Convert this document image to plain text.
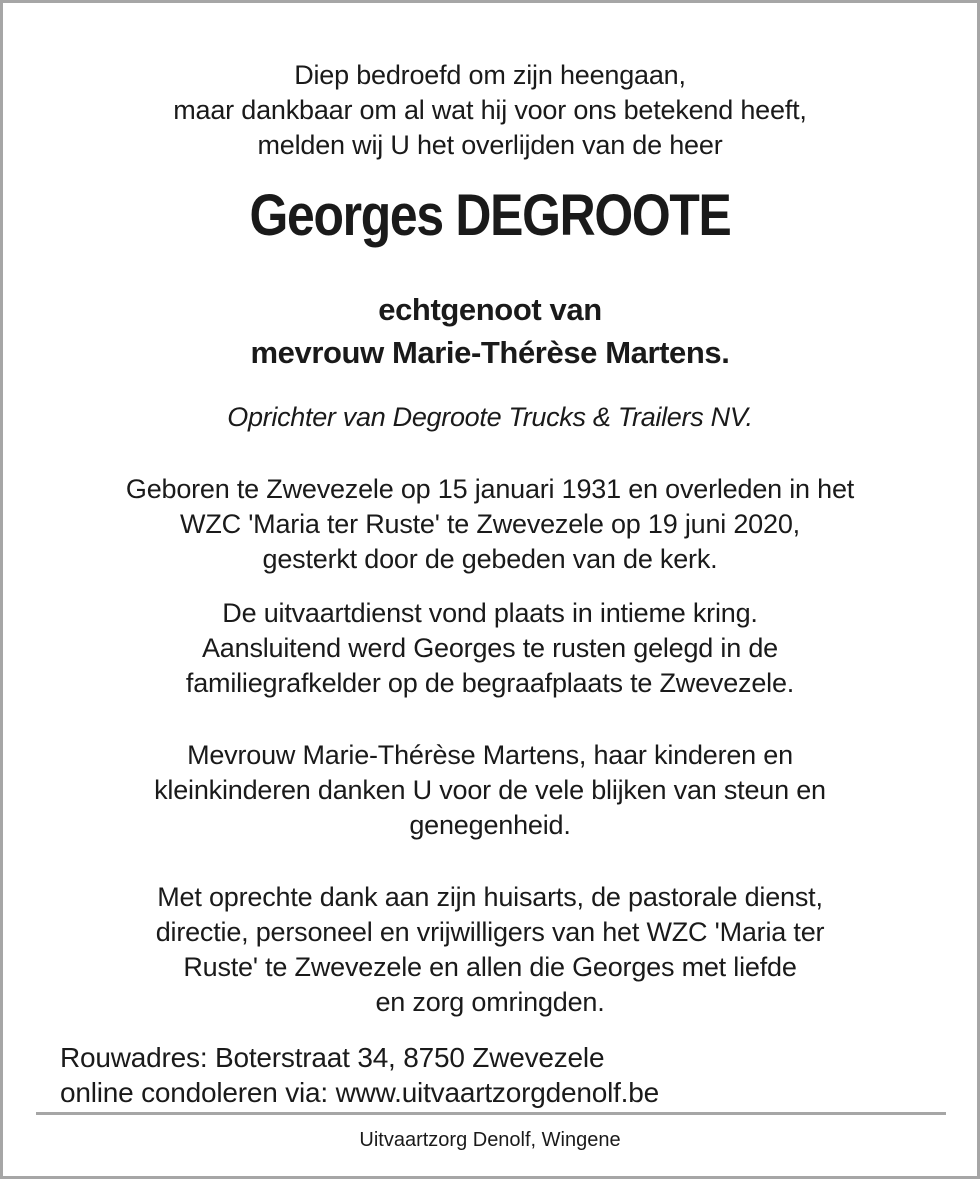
Diep bedroefd om zijn heengaan,
maar dankbaar om al wat hij voor ons betekend heeft,
melden wij U het overlijden van de heer
Georges DEGROOTE
echtgenoot van
mevrouw Marie-Thérèse Martens.
Oprichter van Degroote Trucks & Trailers NV.
Geboren te Zwevezele op 15 januari 1931 en overleden in het
WZC 'Maria ter Ruste' te Zwevezele op 19 juni 2020,
gesterkt door de gebeden van de kerk.
De uitvaartdienst vond plaats in intieme kring.
Aansluitend werd Georges te rusten gelegd in de
familiegrafkelder op de begraafplaats te Zwevezele.
Mevrouw Marie-Thérèse Martens, haar kinderen en
kleinkinderen danken U voor de vele blijken van steun en
genegenheid.
Met oprechte dank aan zijn huisarts, de pastorale dienst,
directie, personeel en vrijwilligers van het WZC 'Maria ter
Ruste' te Zwevezele en allen die Georges met liefde
en zorg omringden.
Rouwadres: Boterstraat 34, 8750 Zwevezele
online condoleren via: www.uitvaartzorgdenolf.be
Uitvaartzorg Denolf, Wingene
